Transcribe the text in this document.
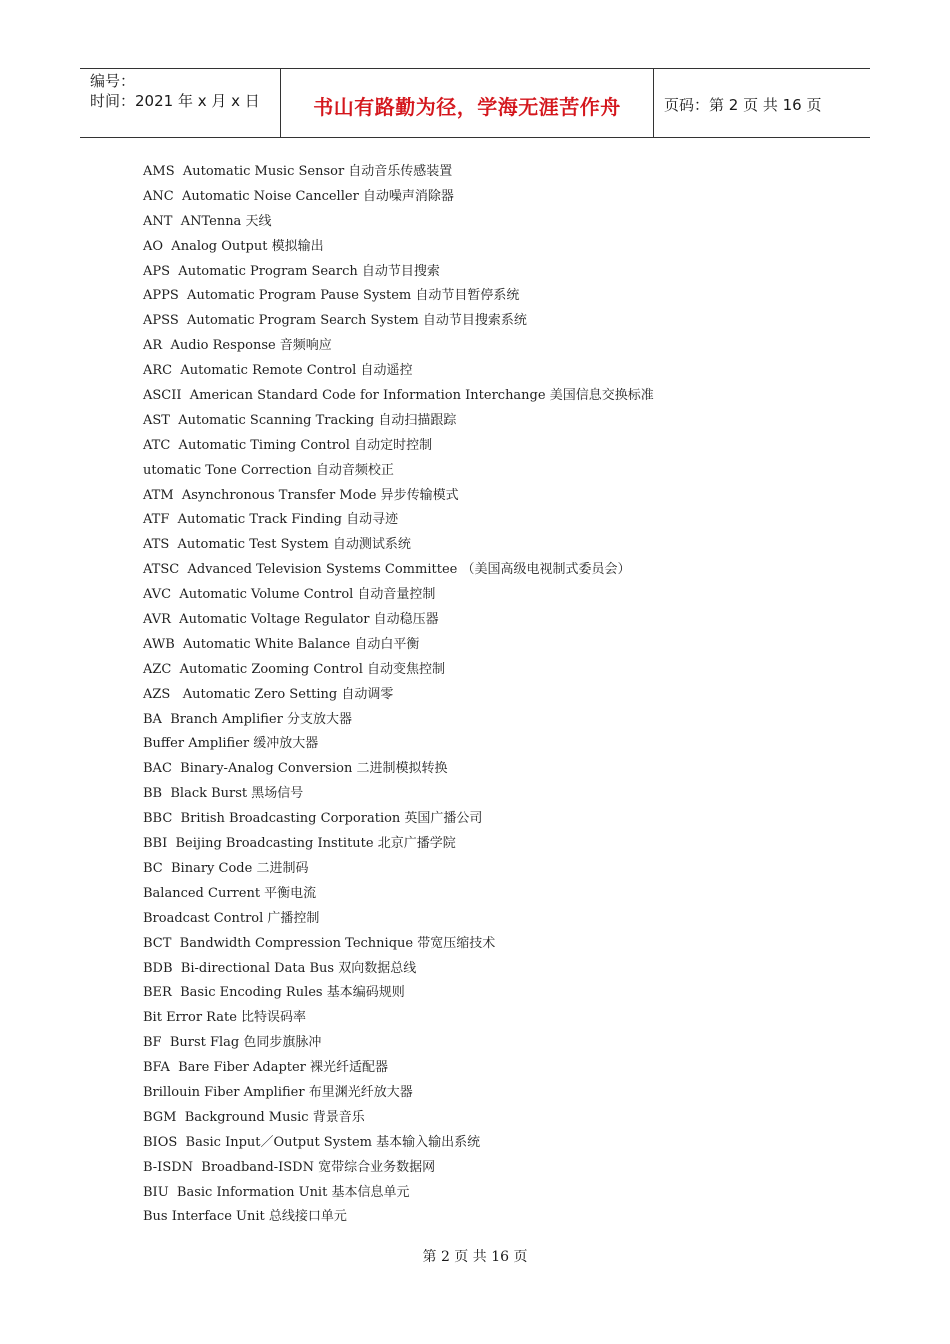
编号：
时间：2021 年 x 月 x 日	书山有路勤为径，学海无涯苦作舟	页码：第 2 页 共 16 页
AMS  Automatic Music Sensor 自动音乐传感装置
ANC  Automatic Noise Canceller 自动噪声消除器
ANT  ANTenna 天线
AO  Analog Output 模拟输出
APS  Automatic Program Search 自动节目搜索
APPS  Automatic Program Pause System 自动节目暂停系统
APSS  Automatic Program Search System 自动节目搜索系统
AR  Audio Response 音频响应
ARC  Automatic Remote Control 自动遥控
ASCII  American Standard Code for Information Interchange 美国信息交换标准
AST  Automatic Scanning Tracking 自动扫描跟踪
ATC  Automatic Timing Control 自动定时控制
utomatic Tone Correction 自动音频校正
ATM  Asynchronous Transfer Mode 异步传输模式
ATF  Automatic Track Finding 自动寻迹
ATS  Automatic Test System 自动测试系统
ATSC  Advanced Television Systems Committee （美国高级电视制式委员会）
AVC  Automatic Volume Control 自动音量控制
AVR  Automatic Voltage Regulator 自动稳压器
AWB  Automatic White Balance 自动白平衡
AZC  Automatic Zooming Control 自动变焦控制
AZS   Automatic Zero Setting 自动调零
BA  Branch Amplifier 分支放大器
Buffer Amplifier 缓冲放大器
BAC  Binary-Analog Conversion 二进制模拟转换
BB  Black Burst 黑场信号
BBC  British Broadcasting Corporation 英国广播公司
BBI  Beijing Broadcasting Institute 北京广播学院
BC  Binary Code 二进制码
Balanced Current 平衡电流
Broadcast Control 广播控制
BCT  Bandwidth Compression Technique 带宽压缩技术
BDB  Bi-directional Data Bus 双向数据总线
BER  Basic Encoding Rules 基本编码规则
Bit Error Rate 比特误码率
BF  Burst Flag 色同步旗脉冲
BFA  Bare Fiber Adapter 裸光纤适配器
Brillouin Fiber Amplifier 布里渊光纤放大器
BGM  Background Music 背景音乐
BIOS  Basic Input／Output System 基本输入输出系统
B-ISDN  Broadband-ISDN 宽带综合业务数据网
BIU  Basic Information Unit 基本信息单元
Bus Interface Unit 总线接口单元
第 2 页 共 16 页
